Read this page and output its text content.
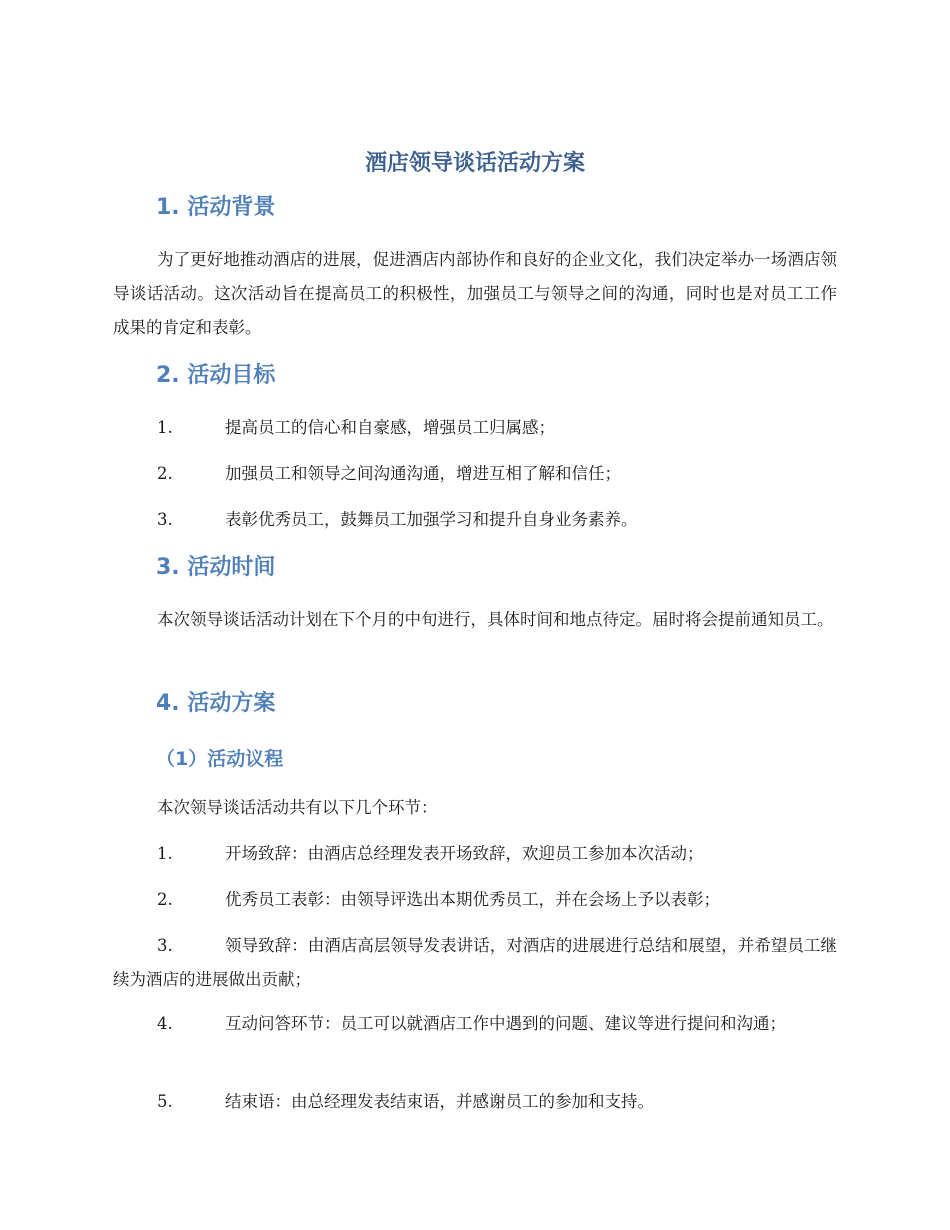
酒店领导谈话活动方案
1. 活动背景
为了更好地推动酒店的进展，促进酒店内部协作和良好的企业文化，我们决定举办一场酒店领导谈话活动。这次活动旨在提高员工的积极性，加强员工与领导之间的沟通，同时也是对员工工作成果的肯定和表彰。
2. 活动目标
1.	提高员工的信心和自豪感，增强员工归属感；
2.	加强员工和领导之间沟通沟通，增进互相了解和信任；
3.	表彰优秀员工，鼓舞员工加强学习和提升自身业务素养。
3. 活动时间
本次领导谈话活动计划在下个月的中旬进行，具体时间和地点待定。届时将会提前通知员工。
4. 活动方案
（1）活动议程
本次领导谈话活动共有以下几个环节：
1.	开场致辞：由酒店总经理发表开场致辞，欢迎员工参加本次活动；
2.	优秀员工表彰：由领导评选出本期优秀员工，并在会场上予以表彰；
3.	领导致辞：由酒店高层领导发表讲话，对酒店的进展进行总结和展望，并希望员工继续为酒店的进展做出贡献；
4.	互动问答环节：员工可以就酒店工作中遇到的问题、建议等进行提问和沟通；
5.	结束语：由总经理发表结束语，并感谢员工的参加和支持。
